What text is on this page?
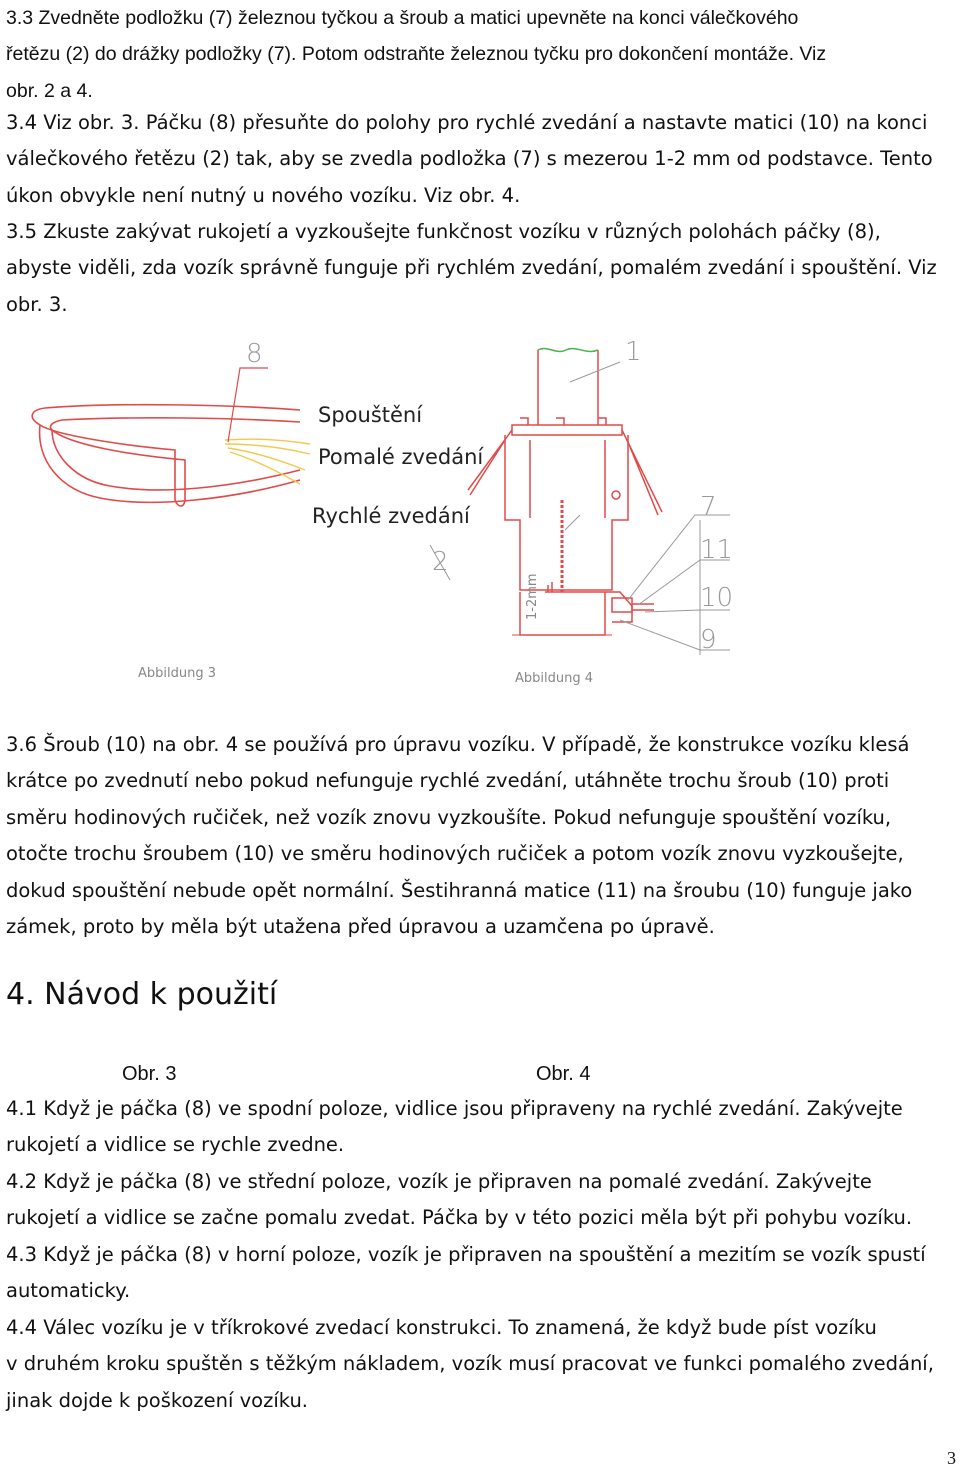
3.3 Zvedněte podložku (7) železnou tyčkou a šroub a matici upevněte na konci válečkového
řetězu (2) do drážky podložky (7). Potom odstraňte železnou tyčku pro dokončení montáže. Viz
obr. 2 a 4.
3.4 Viz obr. 3. Páčku (8) přesuňte do polohy pro rychlé zvedání a nastavte matici (10) na konci
válečkového řetězu (2) tak, aby se zvedla podložka (7) s mezerou 1-2 mm od podstavce. Tento
úkon obvykle není nutný u nového vozíku. Viz obr. 4.
3.5 Zkuste zakývat rukojetí a vyzkoušejte funkčnost vozíku v různých polohách páčky (8),
abyste viděli, zda vozík správně funguje při rychlém zvedání, pomalém zvedání i spouštění. Viz
obr. 3.
8
Spouštění
Pomalé zvedání
Rychlé zvedání
Abbildung 3
1
2
7
11
10
9
1-2mm
Abbildung 4
3.6 Šroub (10) na obr. 4 se používá pro úpravu vozíku. V případě, že konstrukce vozíku klesá
krátce po zvednutí nebo pokud nefunguje rychlé zvedání, utáhněte trochu šroub (10) proti
směru hodinových ručiček, než vozík znovu vyzkoušíte. Pokud nefunguje spouštění vozíku,
otočte trochu šroubem (10) ve směru hodinových ručiček a potom vozík znovu vyzkoušejte,
dokud spouštění nebude opět normální. Šestihranná matice (11) na šroubu (10) funguje jako
zámek, proto by měla být utažena před úpravou a uzamčena po úpravě.
4. Návod k použití

Obr. 3	Obr. 4

4.1 Když je páčka (8) ve spodní poloze, vidlice jsou připraveny na rychlé zvedání. Zakývejte
rukojetí a vidlice se rychle zvedne.
4.2 Když je páčka (8) ve střední poloze, vozík je připraven na pomalé zvedání. Zakývejte
rukojetí a vidlice se začne pomalu zvedat. Páčka by v této pozici měla být při pohybu vozíku.
4.3 Když je páčka (8) v horní poloze, vozík je připraven na spouštění a mezitím se vozík spustí
automaticky.
4.4 Válec vozíku je v tříkrokové zvedací konstrukci. To znamená, že když bude píst vozíku
v druhém kroku spuštěn s těžkým nákladem, vozík musí pracovat ve funkci pomalého zvedání,
jinak dojde k poškození vozíku.

3
